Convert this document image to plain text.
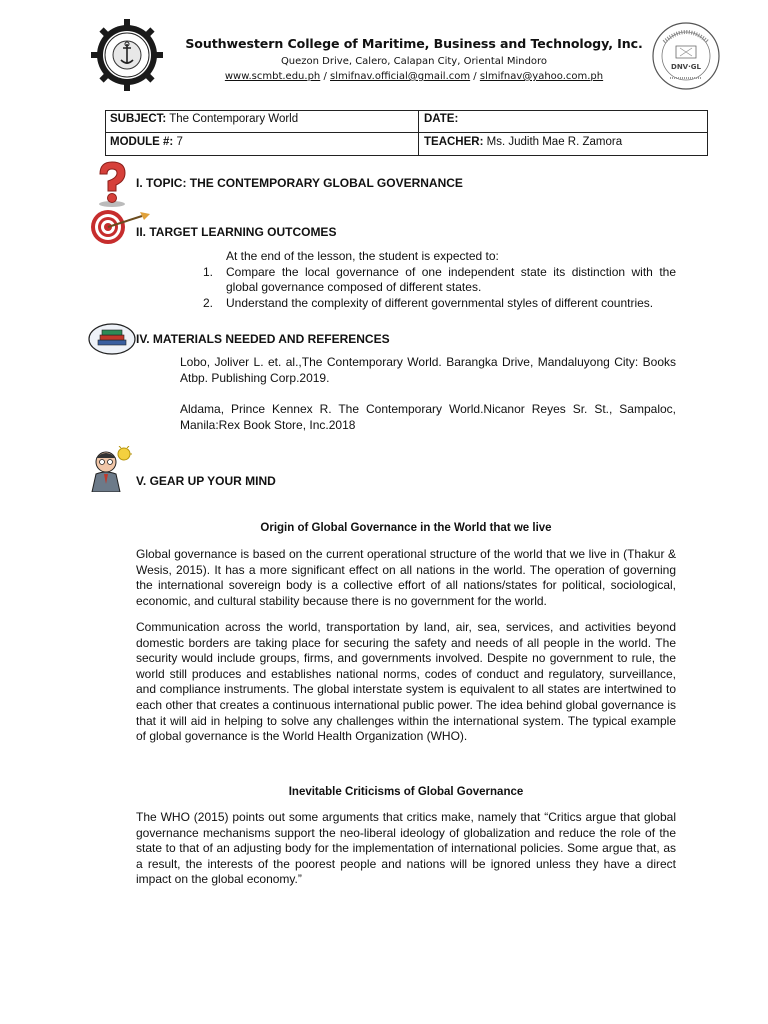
Southwestern College of Maritime, Business and Technology, Inc.
Quezon Drive, Calero, Calapan City, Oriental Mindoro
www.scmbt.edu.ph / slmifnav.official@gmail.com / slmifnav@yahoo.com.ph
DNV·GL
SUBJECT: The Contemporary World	DATE:
MODULE #: 7	TEACHER: Ms. Judith Mae R. Zamora
I. TOPIC: THE CONTEMPORARY GLOBAL GOVERNANCE
II. TARGET LEARNING OUTCOMES
At the end of the lesson, the student is expected to:
1. Compare the local governance of one independent state its distinction with the global governance composed of different states.
2. Understand the complexity of different governmental styles of different countries.
IV. MATERIALS NEEDED AND REFERENCES
Lobo, Joliver L. et. al.,The Contemporary World. Barangka Drive, Mandaluyong City: Books Atbp. Publishing Corp.2019.
Aldama, Prince Kennex R. The Contemporary World.Nicanor Reyes Sr. St., Sampaloc, Manila:Rex Book Store, Inc.2018
V. GEAR UP YOUR MIND
Origin of Global Governance in the World that we live
Global governance is based on the current operational structure of the world that we live in (Thakur & Wesis, 2015). It has a more significant effect on all nations in the world. The operation of governing the international sovereign body is a collective effort of all nations/states for political, sociological, economic, and cultural stability because there is no government for the world.
Communication across the world, transportation by land, air, sea, services, and activities beyond domestic borders are taking place for securing the safety and needs of all people in the world. The security would include groups, firms, and governments involved. Despite no government to rule, the world still produces and establishes national norms, codes of conduct and regulatory, surveillance, and compliance instruments. The global interstate system is equivalent to all states are intertwined to each other that creates a continuous international public power. The idea behind global governance is that it will aid in helping to solve any challenges within the international system. The typical example of global governance is the World Health Organization (WHO).
Inevitable Criticisms of Global Governance
The WHO (2015) points out some arguments that critics make, namely that “Critics argue that global governance mechanisms support the neo-liberal ideology of globalization and reduce the role of the state to that of an adjusting body for the implementation of international policies. Some argue that, as a result, the interests of the poorest people and nations will be ignored unless they have a direct impact on the global economy.”
